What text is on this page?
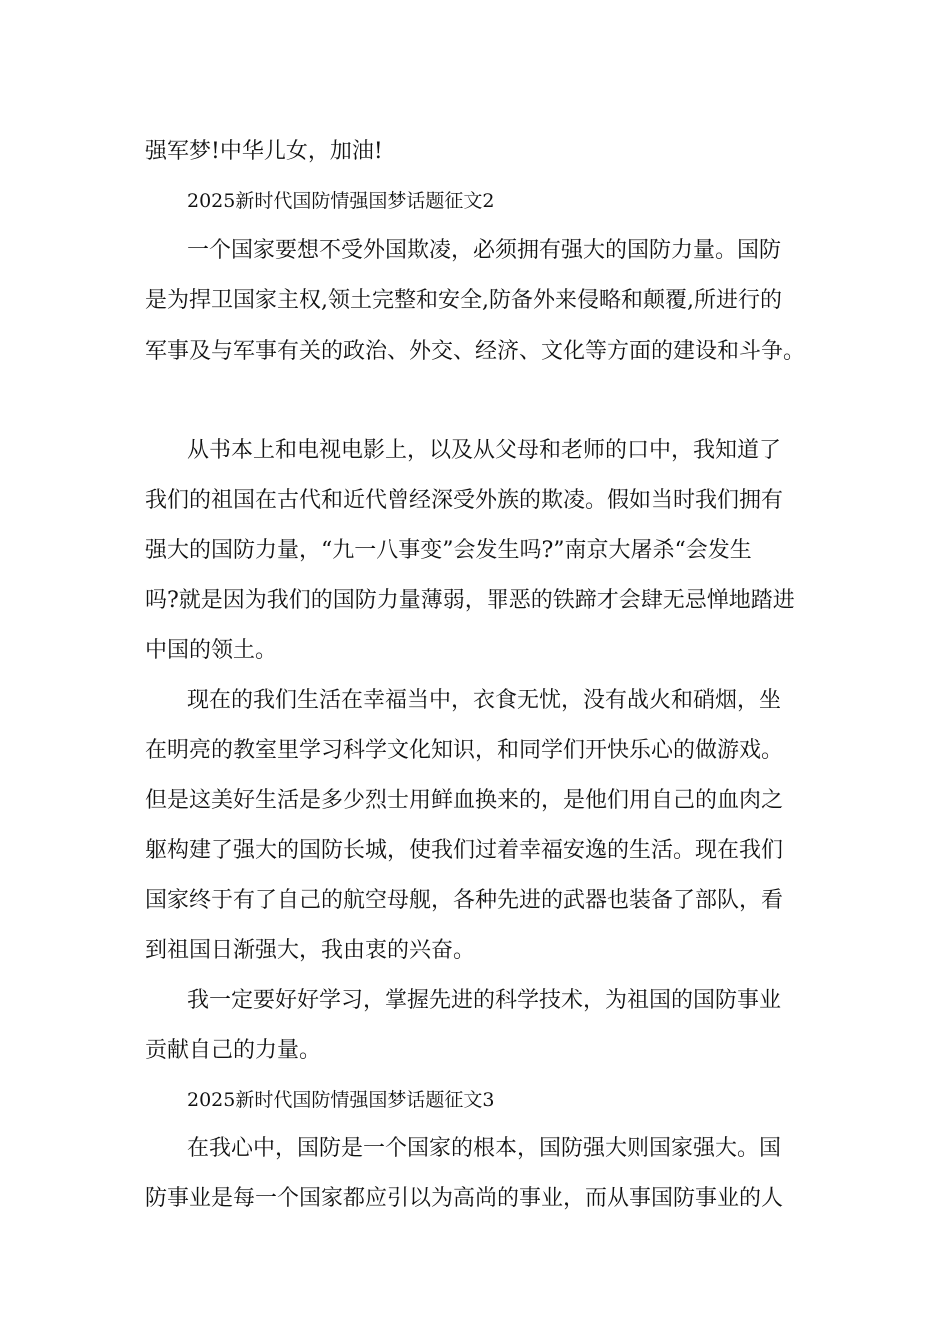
强军梦!中华儿女，加油!
2025新时代国防情强国梦话题征文2
一个国家要想不受外国欺凌，必须拥有强大的国防力量。国防
是为捍卫国家主权,领土完整和安全,防备外来侵略和颠覆,所进行的
军事及与军事有关的政治、外交、经济、文化等方面的建设和斗争。
从书本上和电视电影上，以及从父母和老师的口中，我知道了
我们的祖国在古代和近代曾经深受外族的欺凌。假如当时我们拥有
强大的国防力量，“九一八事变”会发生吗?”南京大屠杀“会发生
吗?就是因为我们的国防力量薄弱，罪恶的铁蹄才会肆无忌惮地踏进
中国的领土。
现在的我们生活在幸福当中，衣食无忧，没有战火和硝烟，坐
在明亮的教室里学习科学文化知识，和同学们开快乐心的做游戏。
但是这美好生活是多少烈士用鲜血换来的，是他们用自己的血肉之
躯构建了强大的国防长城，使我们过着幸福安逸的生活。现在我们
国家终于有了自己的航空母舰，各种先进的武器也装备了部队，看
到祖国日渐强大，我由衷的兴奋。
我一定要好好学习，掌握先进的科学技术，为祖国的国防事业
贡献自己的力量。
2025新时代国防情强国梦话题征文3
在我心中，国防是一个国家的根本，国防强大则国家强大。国
防事业是每一个国家都应引以为高尚的事业，而从事国防事业的人
